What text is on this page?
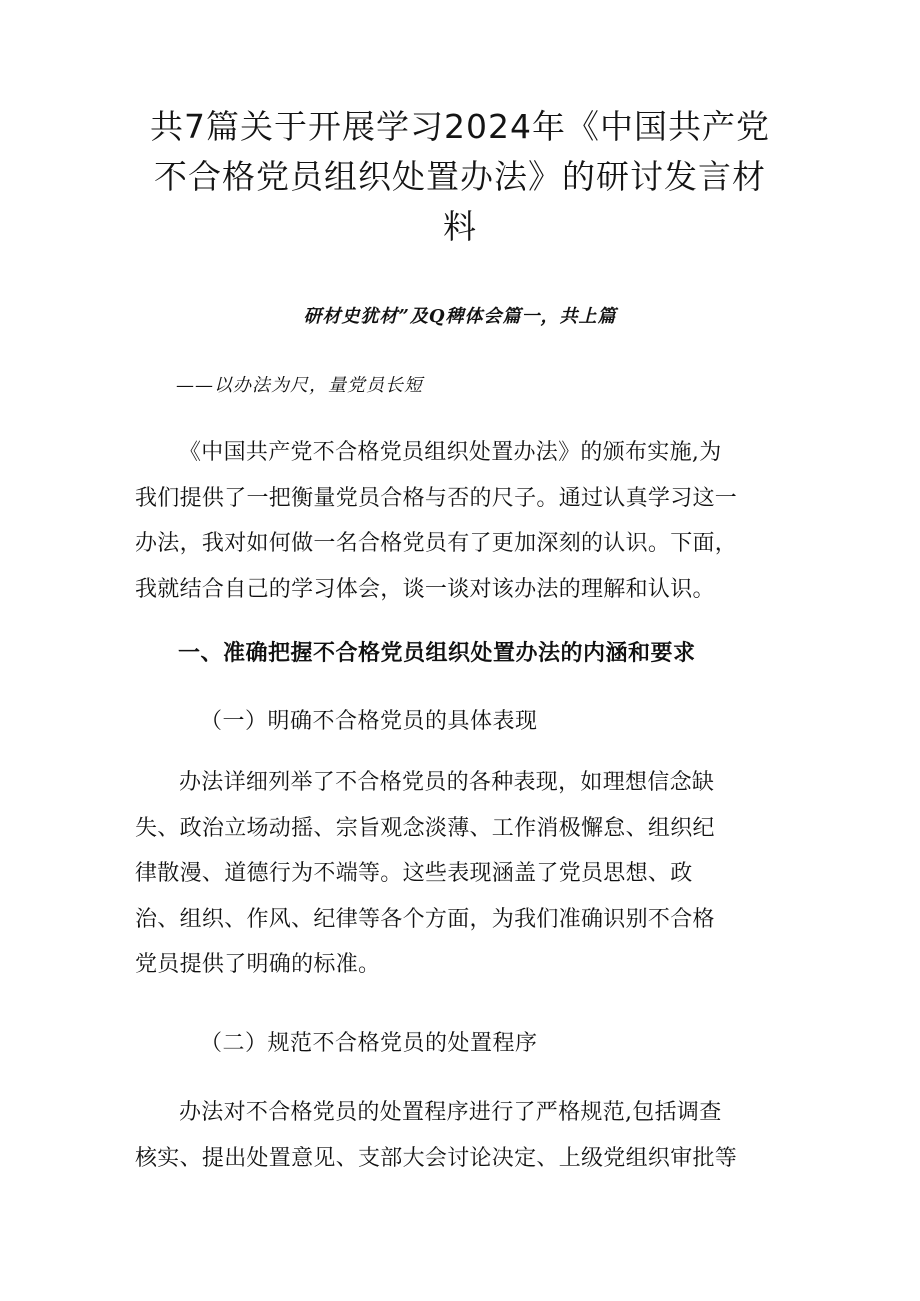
共7篇关于开展学习2024年《中国共产党
不合格党员组织处置办法》的研讨发言材
料
研材史犹材”及Q稗体会篇一，共上篇
——以办法为尺，量党员长短
《中国共产党不合格党员组织处置办法》的颁布实施,为
我们提供了一把衡量党员合格与否的尺子。通过认真学习这一
办法，我对如何做一名合格党员有了更加深刻的认识。下面，
我就结合自己的学习体会，谈一谈对该办法的理解和认识。
一、准确把握不合格党员组织处置办法的内涵和要求
（一）明确不合格党员的具体表现
办法详细列举了不合格党员的各种表现，如理想信念缺
失、政治立场动摇、宗旨观念淡薄、工作消极懈怠、组织纪
律散漫、道德行为不端等。这些表现涵盖了党员思想、政
治、组织、作风、纪律等各个方面，为我们准确识别不合格
党员提供了明确的标准。
（二）规范不合格党员的处置程序
办法对不合格党员的处置程序进行了严格规范,包括调查
核实、提出处置意见、支部大会讨论决定、上级党组织审批等
